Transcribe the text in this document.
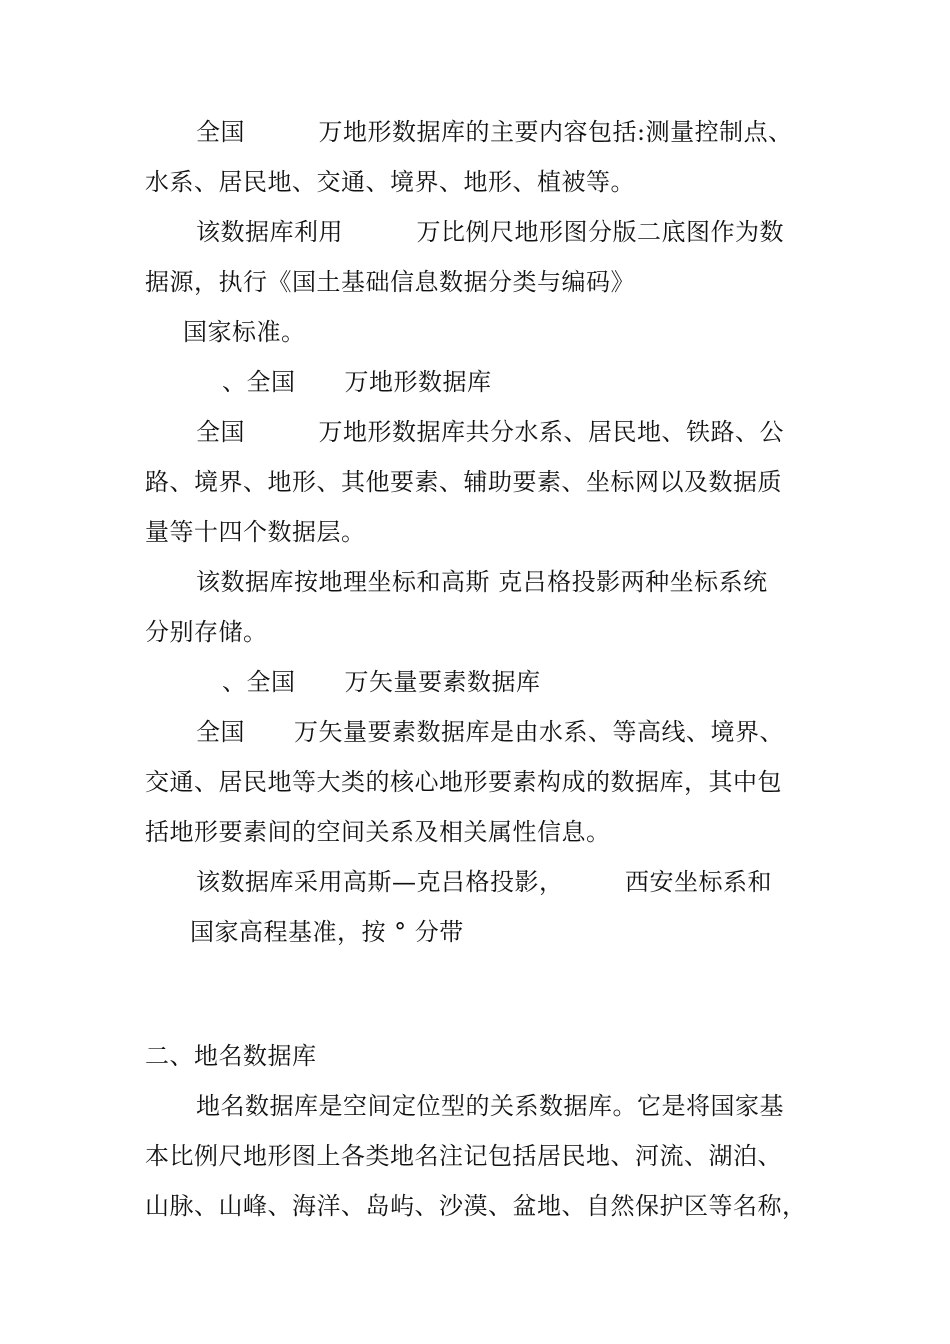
全国　　　万地形数据库的主要内容包括:测量控制点、
水系、居民地、交通、境界、地形、植被等。
该数据库利用　　　万比例尺地形图分版二底图作为数
据源，执行《国土基础信息数据分类与编码》
国家标准。
、全国　　万地形数据库
全国　　　万地形数据库共分水系、居民地、铁路、公
路、境界、地形、其他要素、辅助要素、坐标网以及数据质
量等十四个数据层。
该数据库按地理坐标和高斯 克吕格投影两种坐标系统
分别存储。
、全国　　万矢量要素数据库
全国　　万矢量要素数据库是由水系、等高线、境界、
交通、居民地等大类的核心地形要素构成的数据库，其中包
括地形要素间的空间关系及相关属性信息。
该数据库采用高斯—克吕格投影，　　　西安坐标系和
国家高程基准，按 ° 分带
二、地名数据库
地名数据库是空间定位型的关系数据库。它是将国家基
本比例尺地形图上各类地名注记包括居民地、河流、湖泊、
山脉、山峰、海洋、岛屿、沙漠、盆地、自然保护区等名称，
